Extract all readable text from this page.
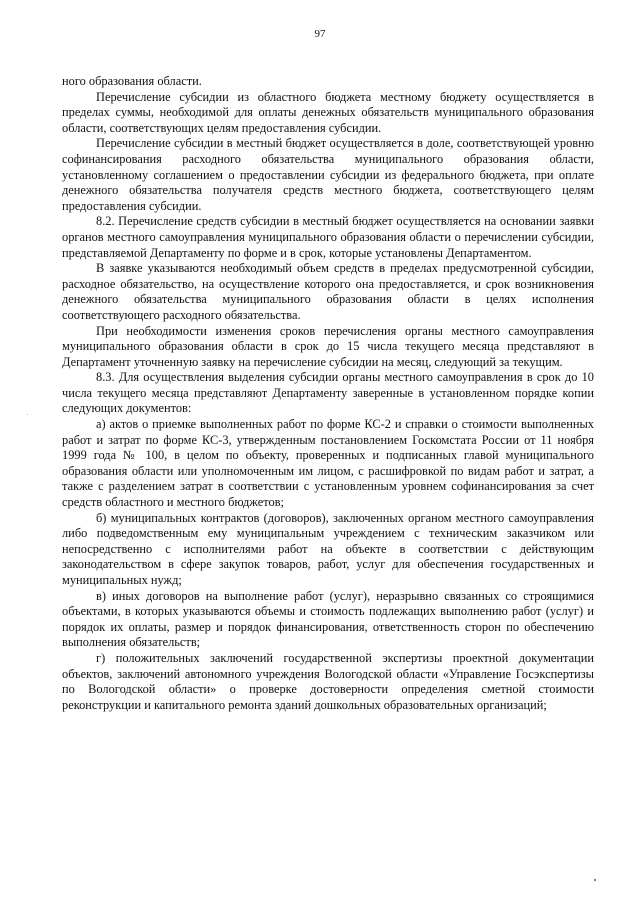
97

ного образования области.

Перечисление субсидии из областного бюджета местному бюджету осуществляется в пределах суммы, необходимой для оплаты денежных обязательств муниципального образования области, соответствующих целям предоставления субсидии.

Перечисление субсидии в местный бюджет осуществляется в доле, соответствующей уровню софинансирования расходного обязательства муниципального образования области, установленному соглашением о предоставлении субсидии из федерального бюджета, при оплате денежного обязательства получателя средств местного бюджета, соответствующего целям предоставления субсидии.

8.2. Перечисление средств субсидии в местный бюджет осуществляется на основании заявки органов местного самоуправления муниципального образования области о перечислении субсидии, представляемой Департаменту по форме и в срок, которые установлены Департаментом.

В заявке указываются необходимый объем средств в пределах предусмотренной субсидии, расходное обязательство, на осуществление которого она предоставляется, и срок возникновения денежного обязательства муниципального образования области в целях исполнения соответствующего расходного обязательства.

При необходимости изменения сроков перечисления органы местного самоуправления муниципального образования области в срок до 15 числа текущего месяца представляют в Департамент уточненную заявку на перечисление субсидии на месяц, следующий за текущим.

8.3. Для осуществления выделения субсидии органы местного самоуправления в срок до 10 числа текущего месяца представляют Департаменту заверенные в установленном порядке копии следующих документов:

а) актов о приемке выполненных работ по форме КС-2 и справки о стоимости выполненных работ и затрат по форме КС-3, утвержденным постановлением Госкомстата России от 11 ноября 1999 года № 100, в целом по объекту, проверенных и подписанных главой муниципального образования области или уполномоченным им лицом, с расшифровкой по видам работ и затрат, а также с разделением затрат в соответствии с установленным уровнем софинансирования за счет средств областного и местного бюджетов;

б) муниципальных контрактов (договоров), заключенных органом местного самоуправления либо подведомственным ему муниципальным учреждением с техническим заказчиком или непосредственно с исполнителями работ на объекте в соответствии с действующим законодательством в сфере закупок товаров, работ, услуг для обеспечения государственных и муниципальных нужд;

в) иных договоров на выполнение работ (услуг), неразрывно связанных со строящимися объектами, в которых указываются объемы и стоимость подлежащих выполнению работ (услуг) и порядок их оплаты, размер и порядок финансирования, ответственность сторон по обеспечению выполнения обязательств;

г) положительных заключений государственной экспертизы проектной документации объектов, заключений автономного учреждения Вологодской области «Управление Госэкспертизы по Вологодской области» о проверке достоверности определения сметной стоимости реконструкции и капитального ремонта зданий дошкольных образовательных организаций;
